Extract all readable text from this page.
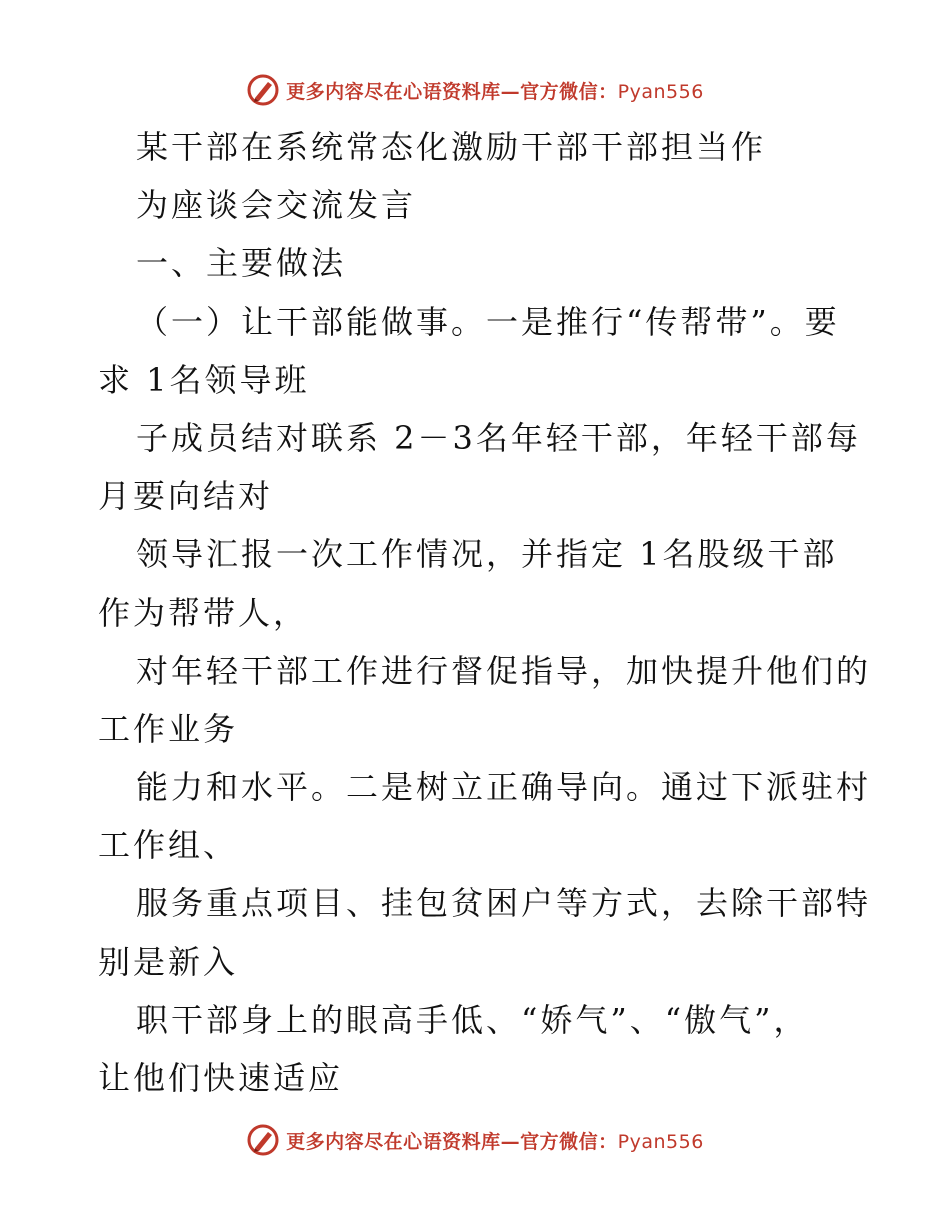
更多内容尽在心语资料库—官方微信：Pyan556
某干部在系统常态化激励干部干部担当作
为座谈会交流发言
一、主要做法
（一）让干部能做事。一是推行“传帮带”。要
求 1名领导班
子成员结对联系 2－3名年轻干部，年轻干部每
月要向结对
领导汇报一次工作情况，并指定 1名股级干部
作为帮带人，
对年轻干部工作进行督促指导，加快提升他们的
工作业务
能力和水平。二是树立正确导向。通过下派驻村
工作组、
服务重点项目、挂包贫困户等方式，去除干部特
别是新入
职干部身上的眼高手低、“娇气”、“傲气”，
让他们快速适应
更多内容尽在心语资料库—官方微信：Pyan556
